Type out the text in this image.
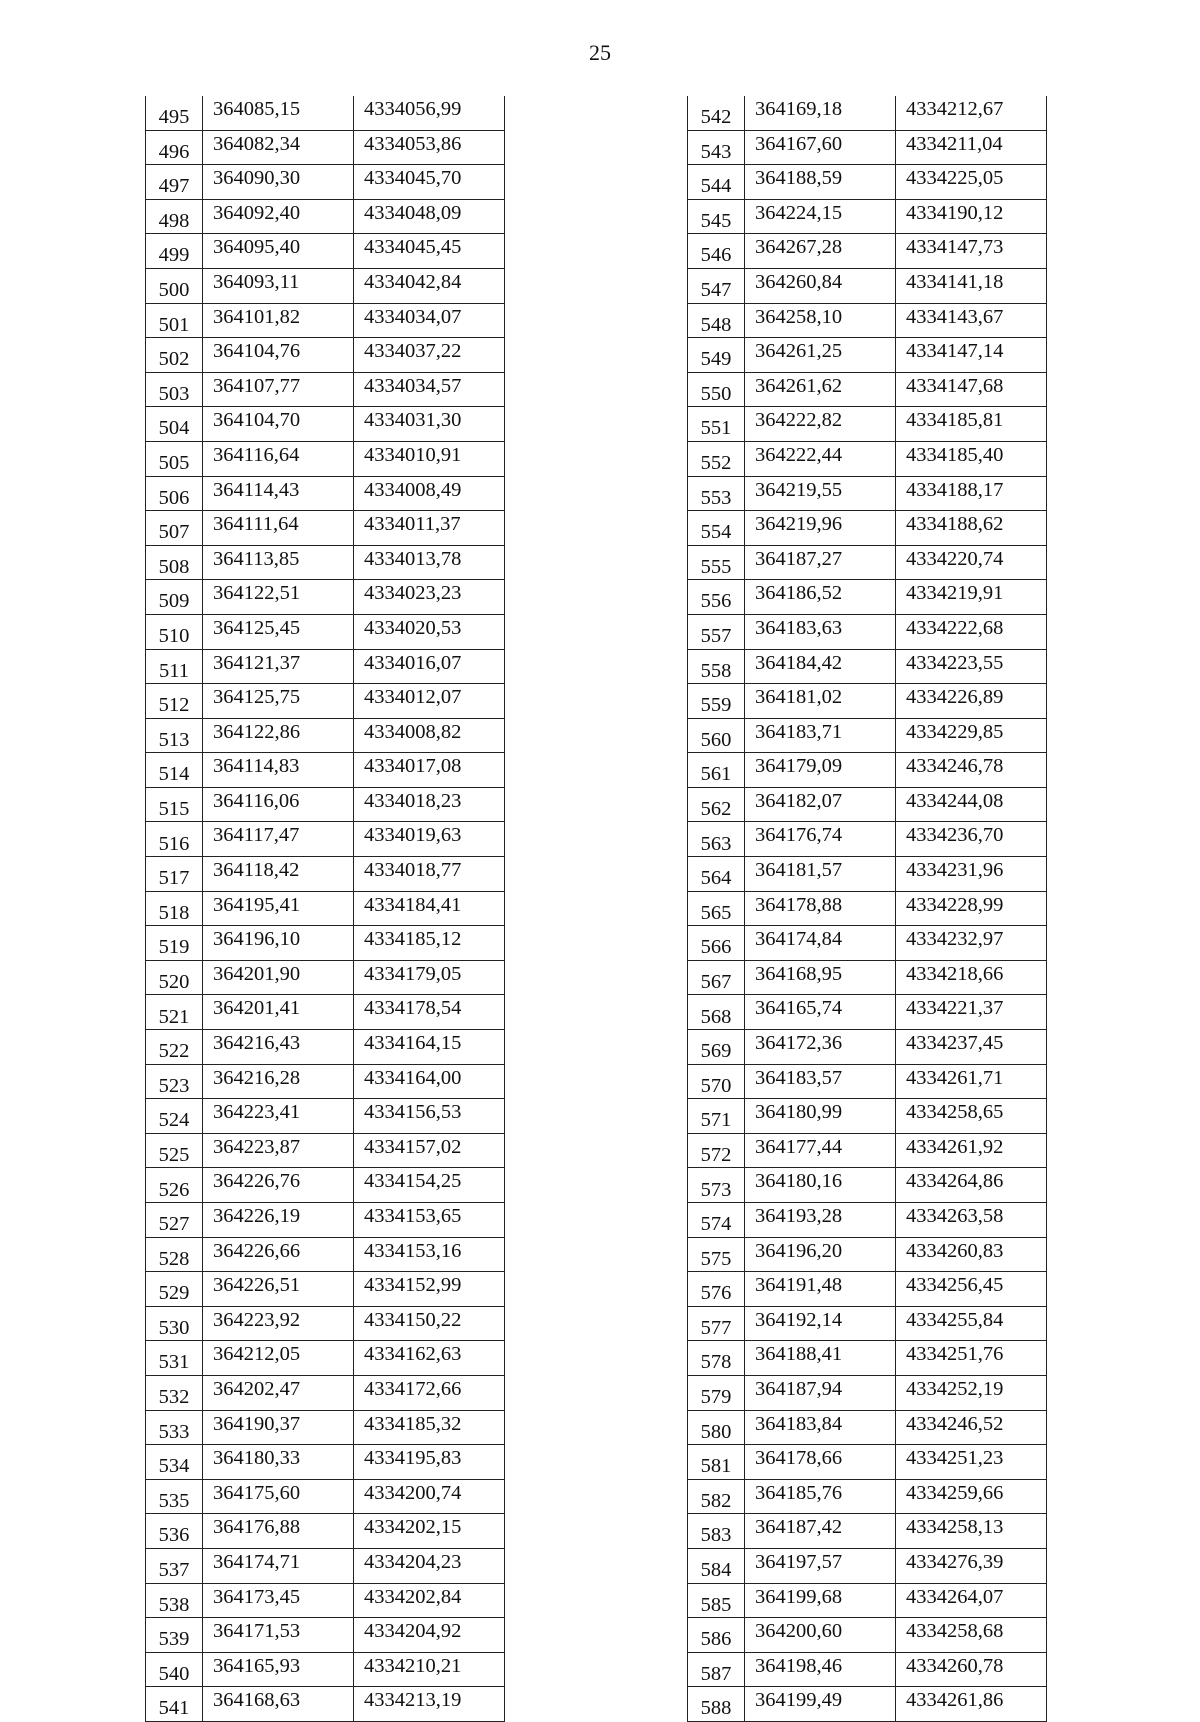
25
495	364085,15	4334056,99
496	364082,34	4334053,86
497	364090,30	4334045,70
498	364092,40	4334048,09
499	364095,40	4334045,45
500	364093,11	4334042,84
501	364101,82	4334034,07
502	364104,76	4334037,22
503	364107,77	4334034,57
504	364104,70	4334031,30
505	364116,64	4334010,91
506	364114,43	4334008,49
507	364111,64	4334011,37
508	364113,85	4334013,78
509	364122,51	4334023,23
510	364125,45	4334020,53
511	364121,37	4334016,07
512	364125,75	4334012,07
513	364122,86	4334008,82
514	364114,83	4334017,08
515	364116,06	4334018,23
516	364117,47	4334019,63
517	364118,42	4334018,77
518	364195,41	4334184,41
519	364196,10	4334185,12
520	364201,90	4334179,05
521	364201,41	4334178,54
522	364216,43	4334164,15
523	364216,28	4334164,00
524	364223,41	4334156,53
525	364223,87	4334157,02
526	364226,76	4334154,25
527	364226,19	4334153,65
528	364226,66	4334153,16
529	364226,51	4334152,99
530	364223,92	4334150,22
531	364212,05	4334162,63
532	364202,47	4334172,66
533	364190,37	4334185,32
534	364180,33	4334195,83
535	364175,60	4334200,74
536	364176,88	4334202,15
537	364174,71	4334204,23
538	364173,45	4334202,84
539	364171,53	4334204,92
540	364165,93	4334210,21
541	364168,63	4334213,19
542	364169,18	4334212,67
543	364167,60	4334211,04
544	364188,59	4334225,05
545	364224,15	4334190,12
546	364267,28	4334147,73
547	364260,84	4334141,18
548	364258,10	4334143,67
549	364261,25	4334147,14
550	364261,62	4334147,68
551	364222,82	4334185,81
552	364222,44	4334185,40
553	364219,55	4334188,17
554	364219,96	4334188,62
555	364187,27	4334220,74
556	364186,52	4334219,91
557	364183,63	4334222,68
558	364184,42	4334223,55
559	364181,02	4334226,89
560	364183,71	4334229,85
561	364179,09	4334246,78
562	364182,07	4334244,08
563	364176,74	4334236,70
564	364181,57	4334231,96
565	364178,88	4334228,99
566	364174,84	4334232,97
567	364168,95	4334218,66
568	364165,74	4334221,37
569	364172,36	4334237,45
570	364183,57	4334261,71
571	364180,99	4334258,65
572	364177,44	4334261,92
573	364180,16	4334264,86
574	364193,28	4334263,58
575	364196,20	4334260,83
576	364191,48	4334256,45
577	364192,14	4334255,84
578	364188,41	4334251,76
579	364187,94	4334252,19
580	364183,84	4334246,52
581	364178,66	4334251,23
582	364185,76	4334259,66
583	364187,42	4334258,13
584	364197,57	4334276,39
585	364199,68	4334264,07
586	364200,60	4334258,68
587	364198,46	4334260,78
588	364199,49	4334261,86
